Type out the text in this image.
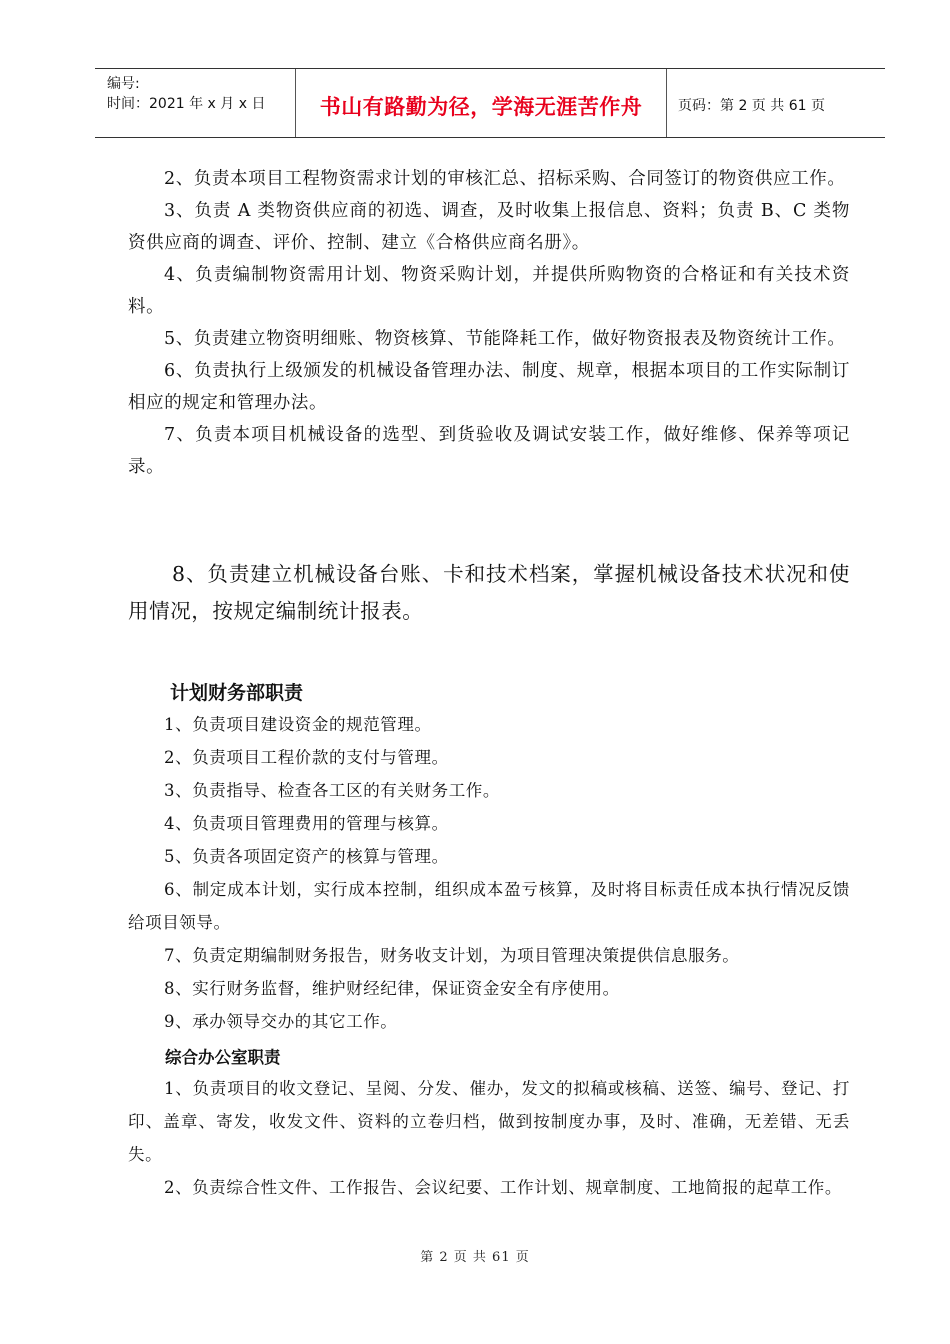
编号:
时间：2021 年 x 月 x 日	书山有路勤为径，学海无涯苦作舟	页码：第 2 页 共 61 页

2、负责本项目工程物资需求计划的审核汇总、招标采购、合同签订的物资供应工作。

3、负责 A 类物资供应商的初选、调查，及时收集上报信息、资料；负责 B、C 类物资供应商的调查、评价、控制、建立《合格供应商名册》。

4、负责编制物资需用计划、物资采购计划，并提供所购物资的合格证和有关技术资料。

5、负责建立物资明细账、物资核算、节能降耗工作，做好物资报表及物资统计工作。

6、负责执行上级颁发的机械设备管理办法、制度、规章，根据本项目的工作实际制订相应的规定和管理办法。

7、负责本项目机械设备的选型、到货验收及调试安装工作，做好维修、保养等项记录。

8、负责建立机械设备台账、卡和技术档案，掌握机械设备技术状况和使用情况，按规定编制统计报表。

计划财务部职责

1、负责项目建设资金的规范管理。

2、负责项目工程价款的支付与管理。

3、负责指导、检查各工区的有关财务工作。

4、负责项目管理费用的管理与核算。

5、负责各项固定资产的核算与管理。

6、制定成本计划，实行成本控制，组织成本盈亏核算，及时将目标责任成本执行情况反馈给项目领导。

7、负责定期编制财务报告，财务收支计划，为项目管理决策提供信息服务。

8、实行财务监督，维护财经纪律，保证资金安全有序使用。

9、承办领导交办的其它工作。

综合办公室职责

1、负责项目的收文登记、呈阅、分发、催办，发文的拟稿或核稿、送签、编号、登记、打印、盖章、寄发，收发文件、资料的立卷归档，做到按制度办事，及时、准确，无差错、无丢失。

2、负责综合性文件、工作报告、会议纪要、工作计划、规章制度、工地简报的起草工作。

第 2 页 共 61 页
